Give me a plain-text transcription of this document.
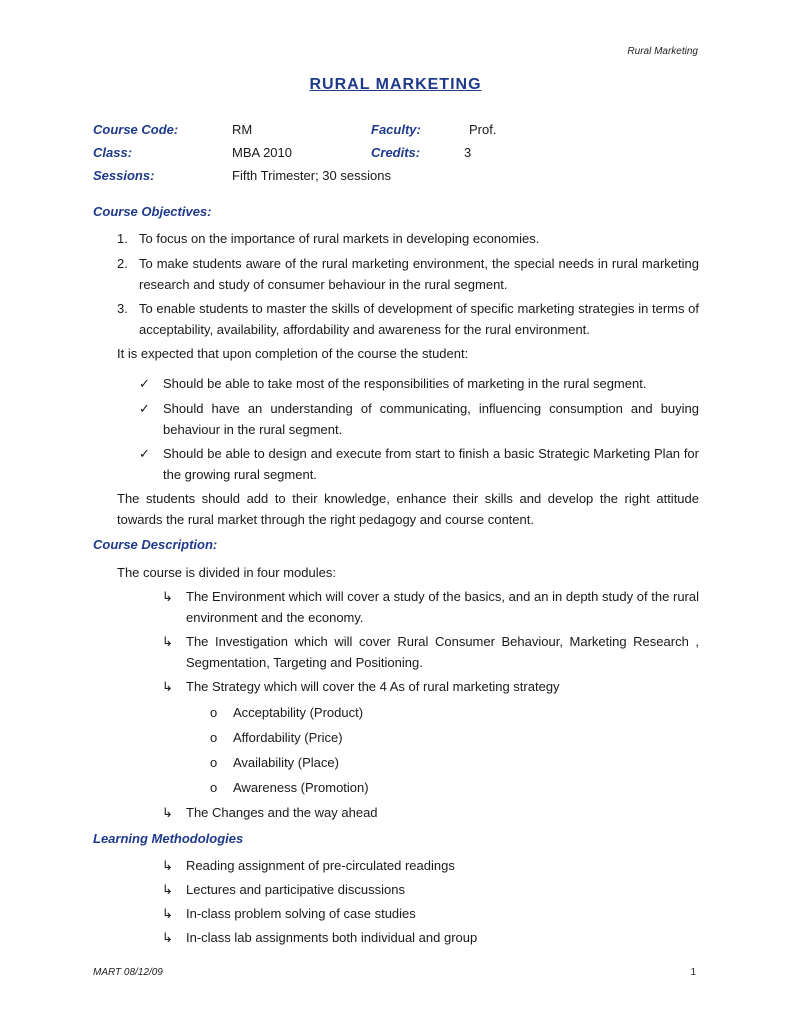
Rural Marketing
RURAL MARKETING
Course Code:	RM	Faculty:	Prof.
Class:	MBA 2010	Credits:	3
Sessions:	Fifth Trimester; 30 sessions
Course Objectives:
1. To focus on the importance of rural markets in developing economies.
2. To make students aware of the rural marketing environment, the special needs in rural marketing research and study of consumer behaviour in the rural segment.
3. To enable students to master the skills of development of specific marketing strategies in terms of acceptability, availability, affordability and awareness for the rural environment.
It is expected that upon completion of the course the student:
✓ Should be able to take most of the responsibilities of marketing in the rural segment.
✓ Should have an understanding of communicating, influencing consumption and buying behaviour in the rural segment.
✓ Should be able to design and execute from start to finish a basic Strategic Marketing Plan for the growing rural segment.
The students should add to their knowledge, enhance their skills and develop the right attitude towards the rural market through the right pedagogy and course content.
Course Description:
The course is divided in four modules:
↳ The Environment which will cover a study of the basics, and an in depth study of the rural environment and the economy.
↳ The Investigation which will cover Rural Consumer Behaviour, Marketing Research , Segmentation, Targeting and Positioning.
↳ The Strategy which will cover the 4 As of rural marketing strategy
o Acceptability (Product)
o Affordability (Price)
o Availability (Place)
o Awareness (Promotion)
↳ The Changes and the way ahead
Learning Methodologies
↳ Reading assignment of pre-circulated readings
↳ Lectures and participative discussions
↳ In-class problem solving of case studies
↳ In-class lab assignments both individual and group
MART 08/12/09	1
